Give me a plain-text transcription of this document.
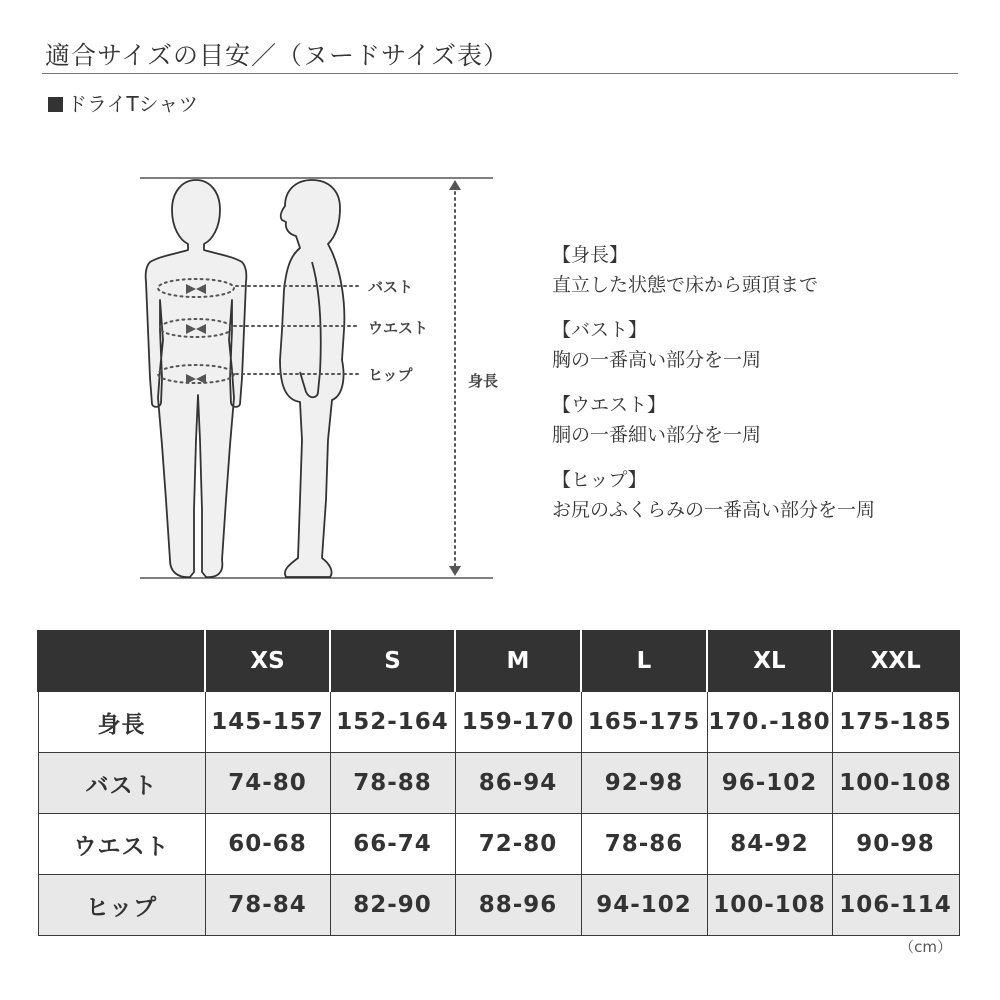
適合サイズの目安／（ヌードサイズ表）
ドライTシャツ
バスト
ウエスト
ヒップ	身長
【身長】
直立した状態で床から頭頂まで
【バスト】
胸の一番高い部分を一周
【ウエスト】
胴の一番細い部分を一周
【ヒップ】
お尻のふくらみの一番高い部分を一周
	XS	S	M	L	XL	XXL
身長	145-157	152-164	159-170	165-175	170.-180	175-185
バスト	74-80	78-88	86-94	92-98	96-102	100-108
ウエスト	60-68	66-74	72-80	78-86	84-92	90-98
ヒップ	78-84	82-90	88-96	94-102	100-108	106-114
（cm）
